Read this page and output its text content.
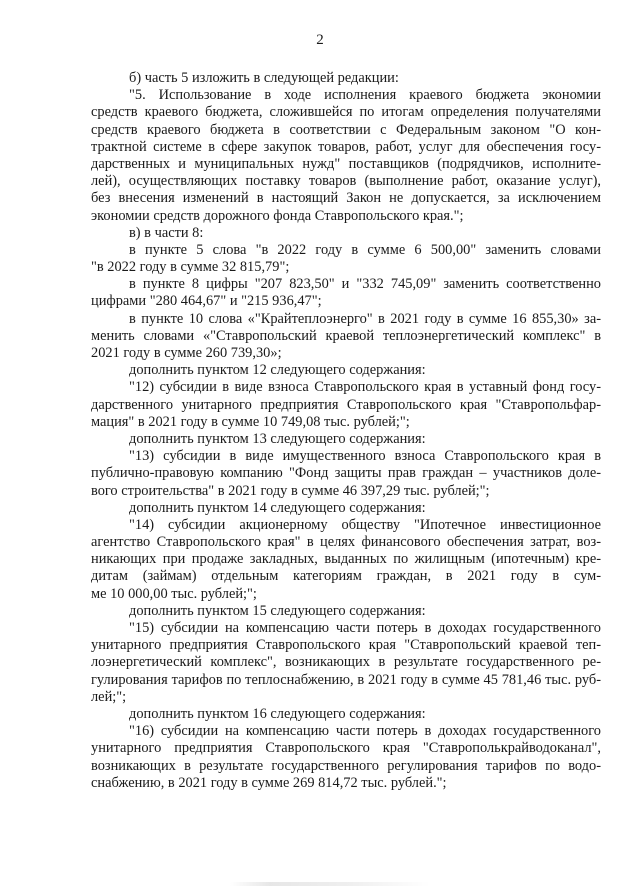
2
б) часть 5 изложить в следующей редакции:
"5. Использование в ходе исполнения краевого бюджета экономии
средств краевого бюджета, сложившейся по итогам определения получателями
средств краевого бюджета в соответствии с Федеральным законом "О кон-
трактной системе в сфере закупок товаров, работ, услуг для обеспечения госу-
дарственных и муниципальных нужд" поставщиков (подрядчиков, исполните-
лей), осуществляющих поставку товаров (выполнение работ, оказание услуг),
без внесения изменений в настоящий Закон не допускается, за исключением
экономии средств дорожного фонда Ставропольского края.";
в) в части 8:
в пункте 5 слова "в 2022 году в сумме 6 500,00" заменить словами
"в 2022 году в сумме 32 815,79";
в пункте 8 цифры "207 823,50" и "332 745,09" заменить соответственно
цифрами "280 464,67" и "215 936,47";
в пункте 10 слова «"Крайтеплоэнерго" в 2021 году в сумме 16 855,30» за-
менить словами «"Ставропольский краевой теплоэнергетический комплекс" в
2021 году в сумме 260 739,30»;
дополнить пунктом 12 следующего содержания:
"12) субсидии в виде взноса Ставропольского края в уставный фонд госу-
дарственного унитарного предприятия Ставропольского края "Ставропольфар-
мация" в 2021 году в сумме 10 749,08 тыс. рублей;";
дополнить пунктом 13 следующего содержания:
"13) субсидии в виде имущественного взноса Ставропольского края в
публично-правовую компанию "Фонд защиты прав граждан – участников доле-
вого строительства" в 2021 году в сумме 46 397,29 тыс. рублей;";
дополнить пунктом 14 следующего содержания:
"14) субсидии акционерному обществу "Ипотечное инвестиционное
агентство Ставропольского края" в целях финансового обеспечения затрат, воз-
никающих при продаже закладных, выданных по жилищным (ипотечным) кре-
дитам (займам) отдельным категориям граждан, в 2021 году в сум-
ме 10 000,00 тыс. рублей;";
дополнить пунктом 15 следующего содержания:
"15) субсидии на компенсацию части потерь в доходах государственного
унитарного предприятия Ставропольского края "Ставропольский краевой теп-
лоэнергетический комплекс", возникающих в результате государственного ре-
гулирования тарифов по теплоснабжению, в 2021 году в сумме 45 781,46 тыс. руб-
лей;";
дополнить пунктом 16 следующего содержания:
"16) субсидии на компенсацию части потерь в доходах государственного
унитарного предприятия Ставропольского края "Ставрополькрайводоканал",
возникающих в результате государственного регулирования тарифов по водо-
снабжению, в 2021 году в сумме 269 814,72 тыс. рублей.";
